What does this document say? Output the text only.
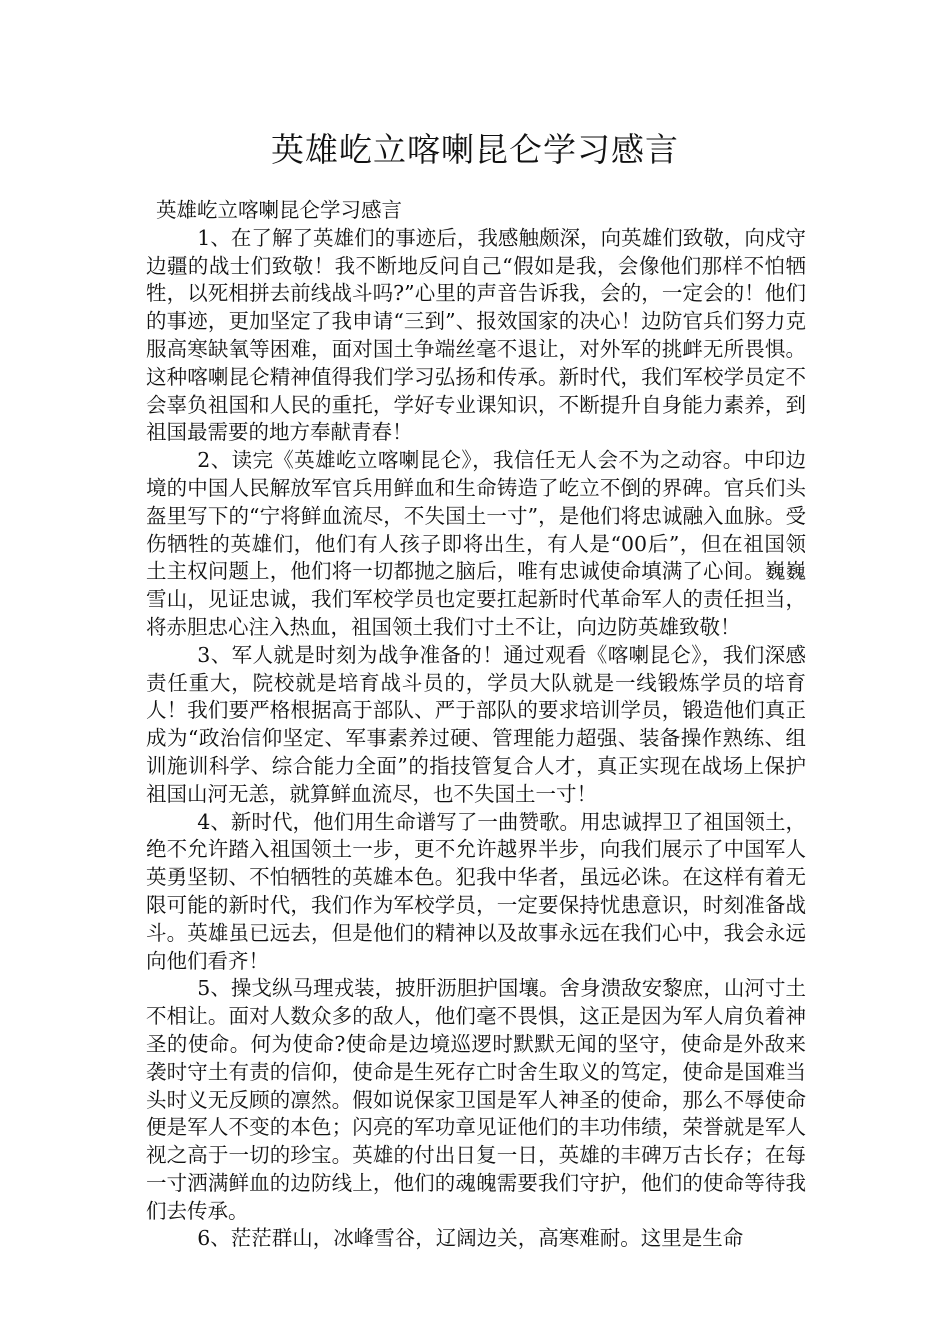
英雄屹立喀喇昆仑学习感言

英雄屹立喀喇昆仑学习感言

1、在了解了英雄们的事迹后，我感触颇深，向英雄们致敬，向戍守边疆的战士们致敬！我不断地反问自己“假如是我，会像他们那样不怕牺牲，以死相拼去前线战斗吗?”心里的声音告诉我，会的，一定会的！他们的事迹，更加坚定了我申请“三到”、报效国家的决心！边防官兵们努力克服高寒缺氧等困难，面对国土争端丝毫不退让，对外军的挑衅无所畏惧。这种喀喇昆仑精神值得我们学习弘扬和传承。新时代，我们军校学员定不会辜负祖国和人民的重托，学好专业课知识，不断提升自身能力素养，到祖国最需要的地方奉献青春！

2、读完《英雄屹立喀喇昆仑》，我信任无人会不为之动容。中印边境的中国人民解放军官兵用鲜血和生命铸造了屹立不倒的界碑。官兵们头盔里写下的“宁将鲜血流尽，不失国土一寸”，是他们将忠诚融入血脉。受伤牺牲的英雄们，他们有人孩子即将出生，有人是“00后”，但在祖国领土主权问题上，他们将一切都抛之脑后，唯有忠诚使命填满了心间。巍巍雪山，见证忠诚，我们军校学员也定要扛起新时代革命军人的责任担当，将赤胆忠心注入热血，祖国领土我们寸土不让，向边防英雄致敬！

3、军人就是时刻为战争准备的！通过观看《喀喇昆仑》，我们深感责任重大，院校就是培育战斗员的，学员大队就是一线锻炼学员的培育人！我们要严格根据高于部队、严于部队的要求培训学员，锻造他们真正成为“政治信仰坚定、军事素养过硬、管理能力超强、装备操作熟练、组训施训科学、综合能力全面”的指技管复合人才，真正实现在战场上保护祖国山河无恙，就算鲜血流尽，也不失国土一寸！

4、新时代，他们用生命谱写了一曲赞歌。用忠诚捍卫了祖国领土，绝不允许踏入祖国领土一步，更不允许越界半步，向我们展示了中国军人英勇坚韧、不怕牺牲的英雄本色。犯我中华者，虽远必诛。在这样有着无限可能的新时代，我们作为军校学员，一定要保持忧患意识，时刻准备战斗。英雄虽已远去，但是他们的精神以及故事永远在我们心中，我会永远向他们看齐！

5、操戈纵马理戎装，披肝沥胆护国壤。舍身溃敌安黎庶，山河寸土不相让。面对人数众多的敌人，他们毫不畏惧，这正是因为军人肩负着神圣的使命。何为使命?使命是边境巡逻时默默无闻的坚守，使命是外敌来袭时守土有责的信仰，使命是生死存亡时舍生取义的笃定，使命是国难当头时义无反顾的凛然。假如说保家卫国是军人神圣的使命，那么不辱使命便是军人不变的本色；闪亮的军功章见证他们的丰功伟绩，荣誉就是军人视之高于一切的珍宝。英雄的付出日复一日，英雄的丰碑万古长存；在每一寸洒满鲜血的边防线上，他们的魂魄需要我们守护，他们的使命等待我们去传承。

6、茫茫群山，冰峰雪谷，辽阔边关，高寒难耐。这里是生命
